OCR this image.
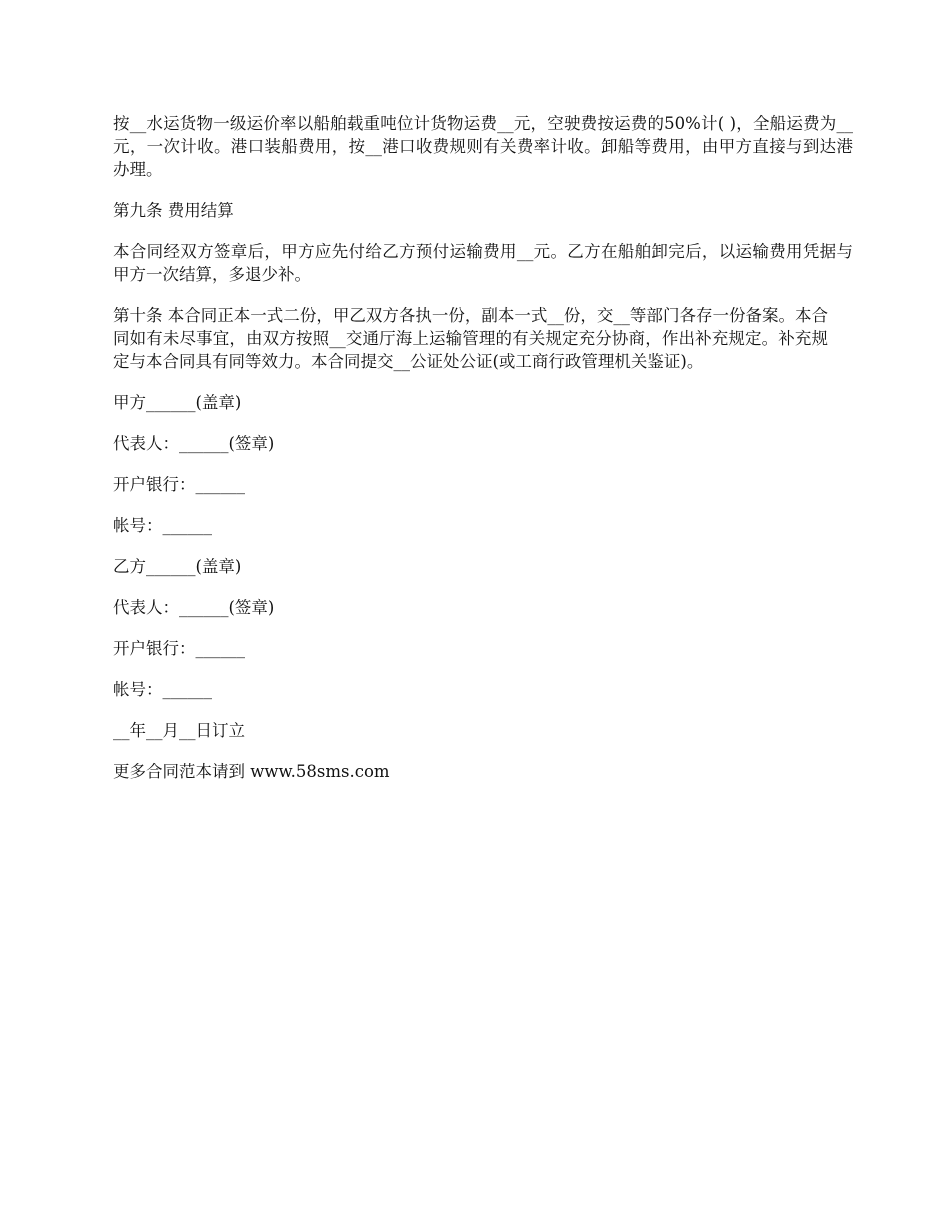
按__水运货物一级运价率以船舶载重吨位计货物运费__元，空驶费按运费的50%计( )，全船运费为__元，一次计收。港口装船费用，按__港口收费规则有关费率计收。卸船等费用，由甲方直接与到达港办理。

第九条 费用结算

本合同经双方签章后，甲方应先付给乙方预付运输费用__元。乙方在船舶卸完后，以运输费用凭据与甲方一次结算，多退少补。

第十条 本合同正本一式二份，甲乙双方各执一份，副本一式__份，交__等部门各存一份备案。本合同如有未尽事宜，由双方按照__交通厅海上运输管理的有关规定充分协商，作出补充规定。补充规定与本合同具有同等效力。本合同提交__公证处公证(或工商行政管理机关鉴证)。

甲方______(盖章)

代表人：______(签章)

开户银行：______

帐号：______

乙方______(盖章)

代表人：______(签章)

开户银行：______

帐号：______

__年__月__日订立

更多合同范本请到 www.58sms.com
